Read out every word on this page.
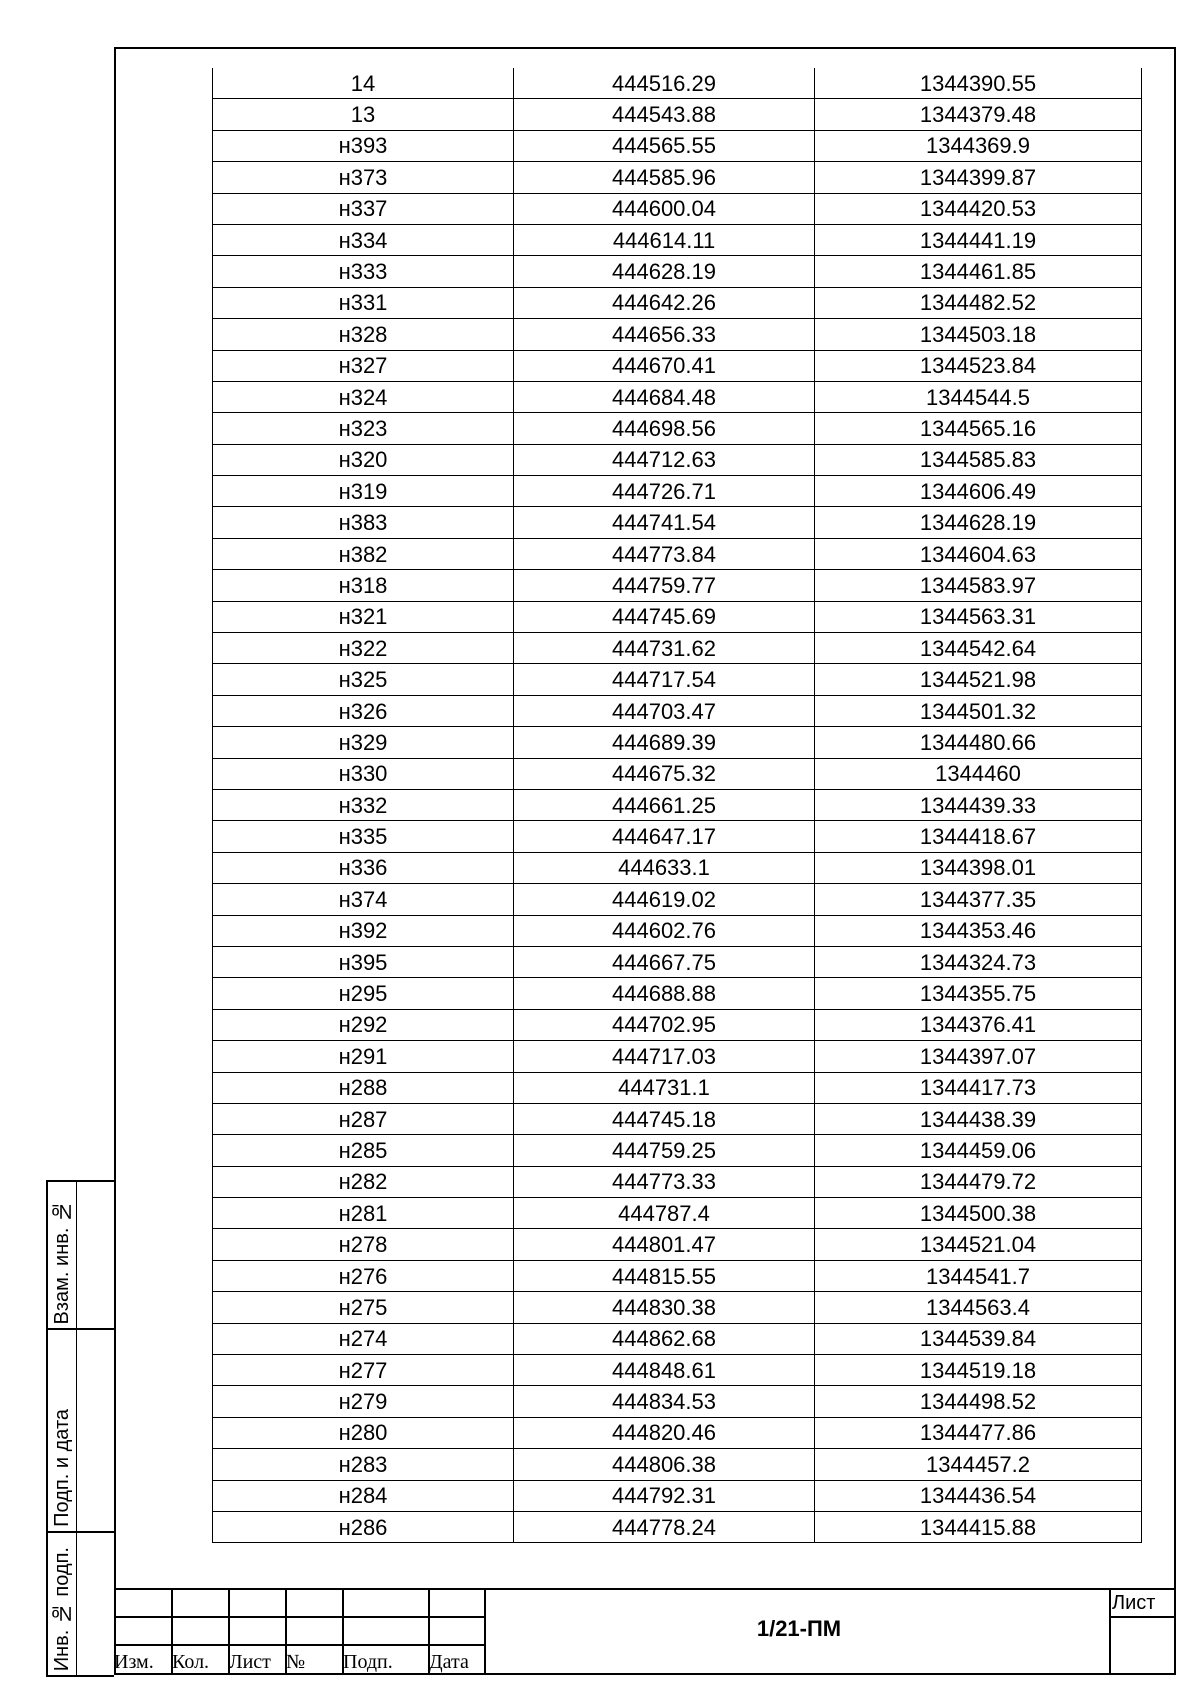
Взам. инв. №
Подп. и дата
Инв. № подп.
14	444516.29	1344390.55
13	444543.88	1344379.48
н393	444565.55	1344369.9
н373	444585.96	1344399.87
н337	444600.04	1344420.53
н334	444614.11	1344441.19
н333	444628.19	1344461.85
н331	444642.26	1344482.52
н328	444656.33	1344503.18
н327	444670.41	1344523.84
н324	444684.48	1344544.5
н323	444698.56	1344565.16
н320	444712.63	1344585.83
н319	444726.71	1344606.49
н383	444741.54	1344628.19
н382	444773.84	1344604.63
н318	444759.77	1344583.97
н321	444745.69	1344563.31
н322	444731.62	1344542.64
н325	444717.54	1344521.98
н326	444703.47	1344501.32
н329	444689.39	1344480.66
н330	444675.32	1344460
н332	444661.25	1344439.33
н335	444647.17	1344418.67
н336	444633.1	1344398.01
н374	444619.02	1344377.35
н392	444602.76	1344353.46
н395	444667.75	1344324.73
н295	444688.88	1344355.75
н292	444702.95	1344376.41
н291	444717.03	1344397.07
н288	444731.1	1344417.73
н287	444745.18	1344438.39
н285	444759.25	1344459.06
н282	444773.33	1344479.72
н281	444787.4	1344500.38
н278	444801.47	1344521.04
н276	444815.55	1344541.7
н275	444830.38	1344563.4
н274	444862.68	1344539.84
н277	444848.61	1344519.18
н279	444834.53	1344498.52
н280	444820.46	1344477.86
н283	444806.38	1344457.2
н284	444792.31	1344436.54
н286	444778.24	1344415.88
Изм. Кол. Лист №	Подп.	Дата
1/21-ПМ
Лист
